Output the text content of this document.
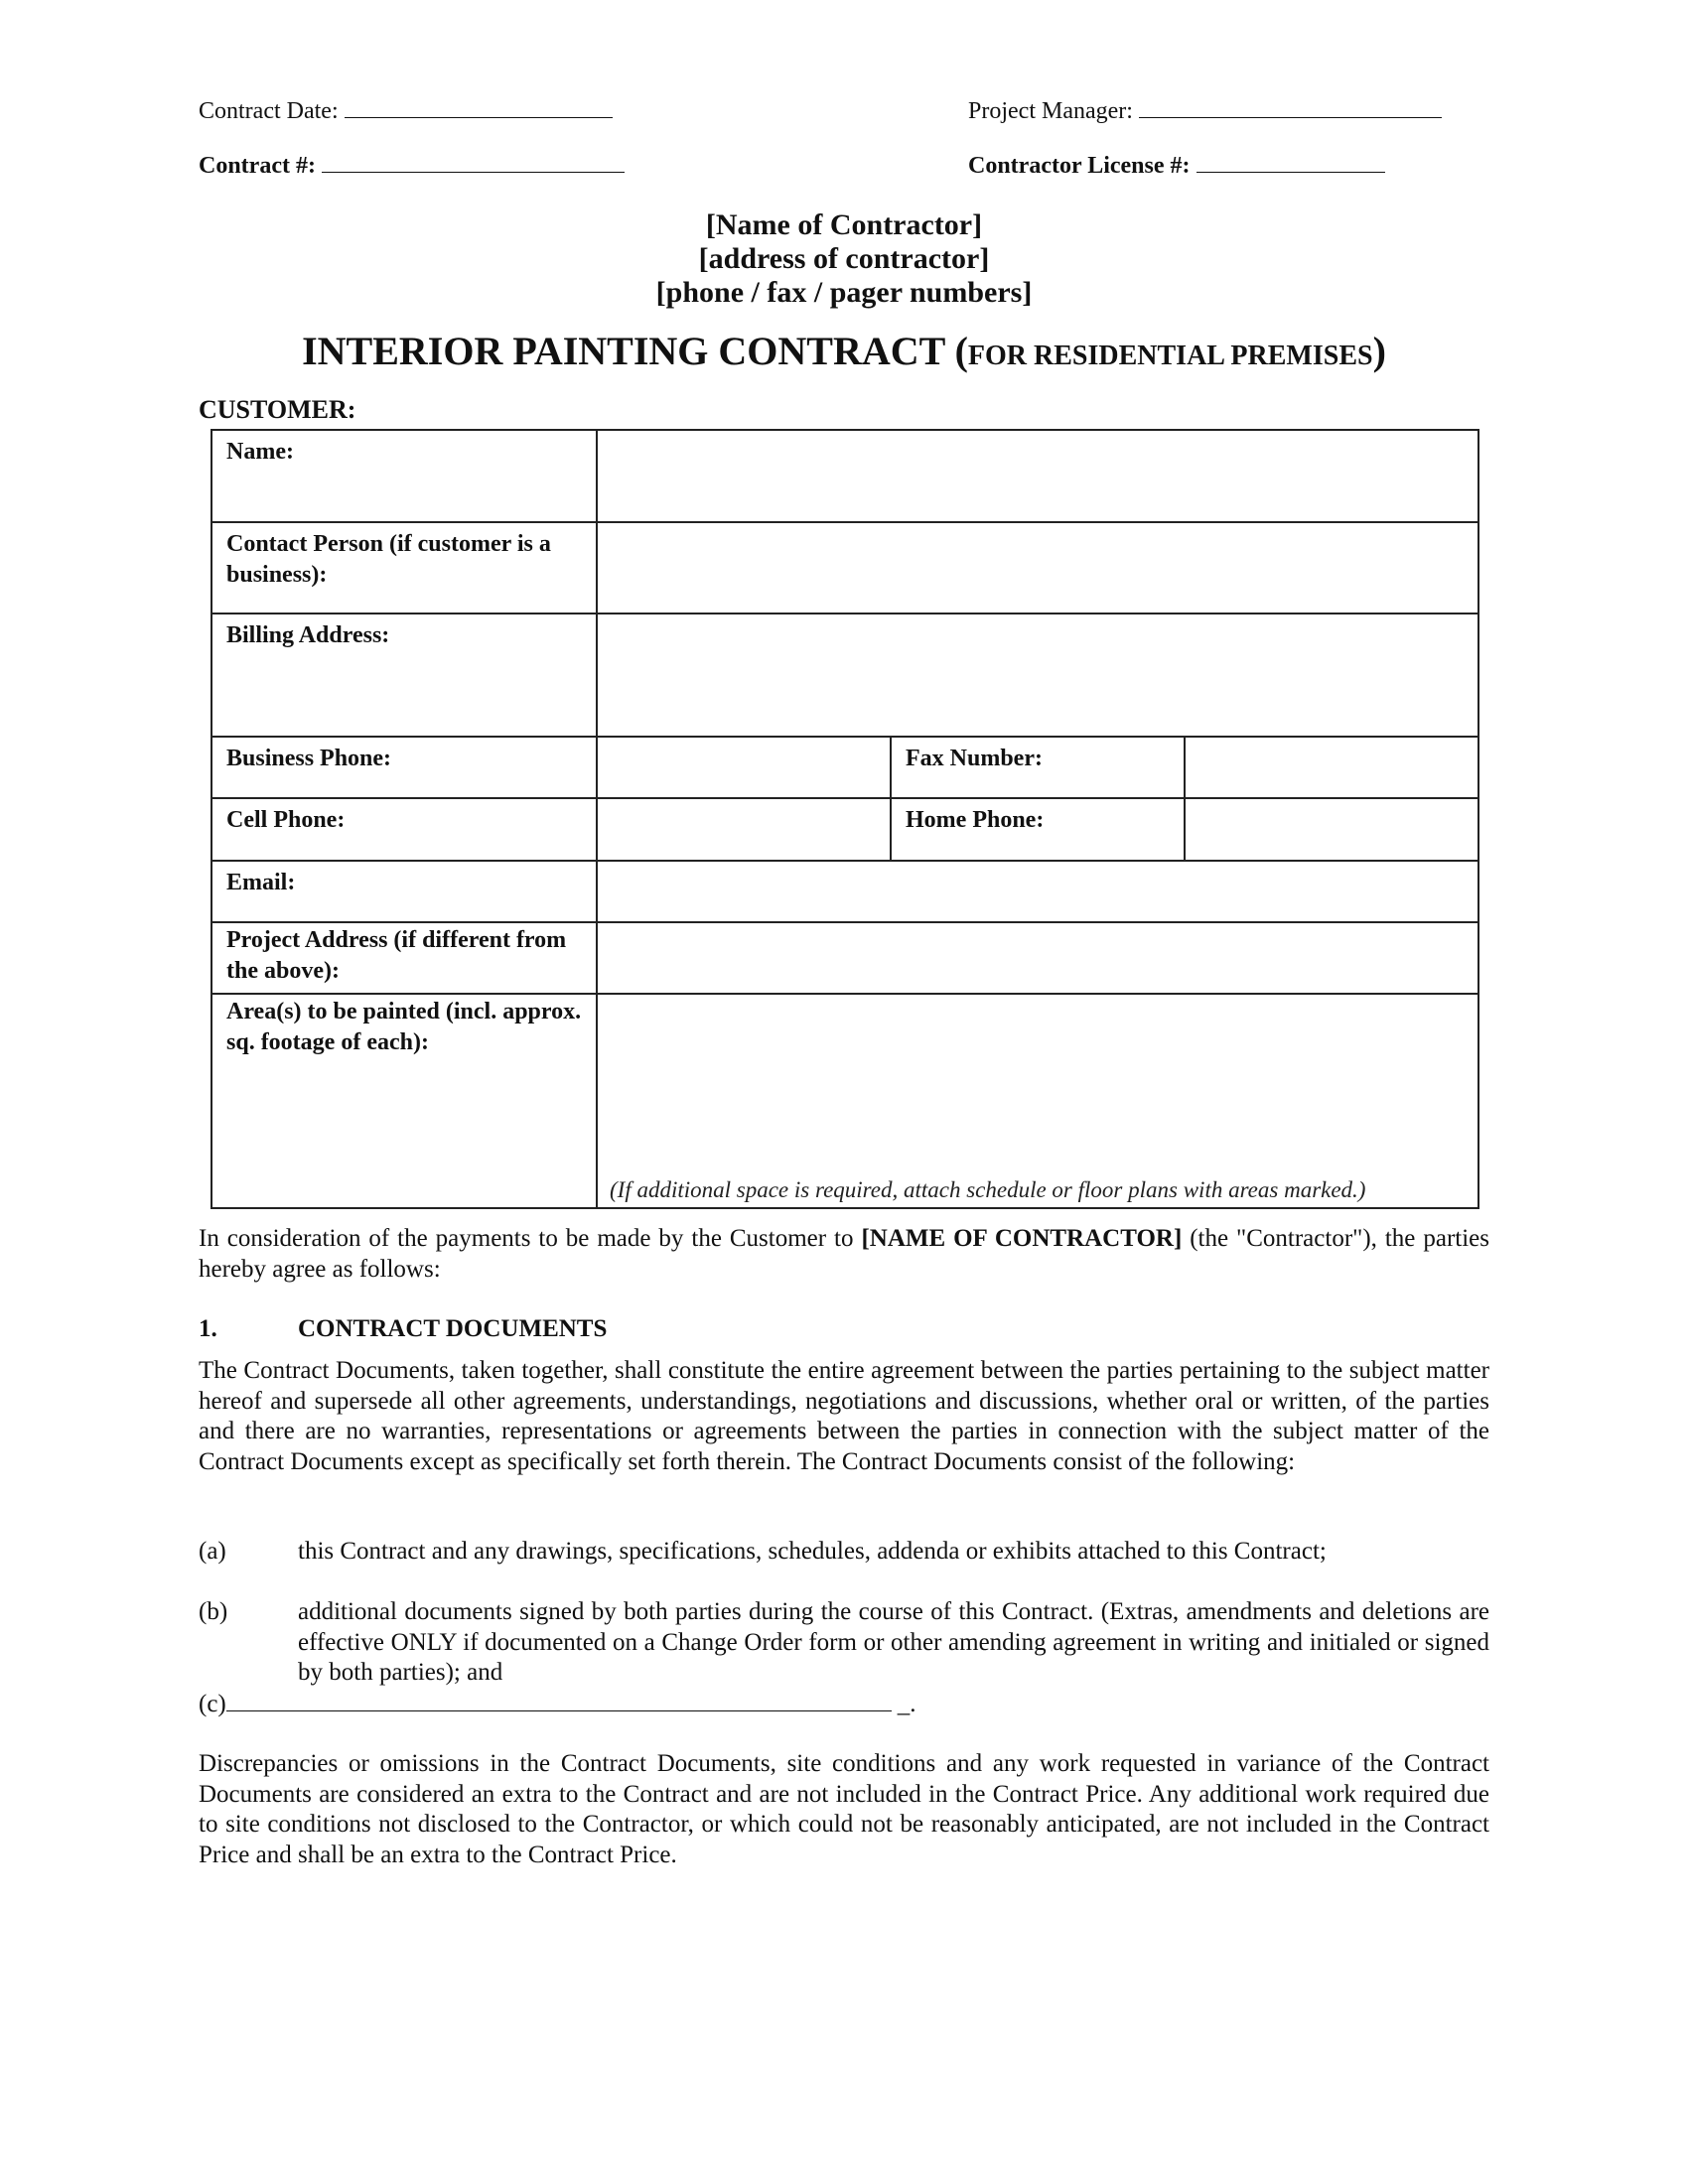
Contract Date:	Project Manager:
Contract #:	Contractor License #:
[Name of Contractor]
[address of contractor]
[phone / fax / pager numbers]
INTERIOR PAINTING CONTRACT (FOR RESIDENTIAL PREMISES)
CUSTOMER:
Name:			
Contact Person (if customer is a business):			
Billing Address:			
Business Phone:		Fax Number:	
Cell Phone:		Home Phone:	
Email:			
Project Address (if different from the above):			
Area(s) to be painted (incl. approx. sq. footage of each):	(If additional space is required, attach schedule or floor plans with areas marked.)		
In consideration of the payments to be made by the Customer to [NAME OF CONTRACTOR] (the "Contractor"), the parties hereby agree as follows:
1.	CONTRACT DOCUMENTS
The Contract Documents, taken together, shall constitute the entire agreement between the parties pertaining to the subject matter hereof and supersede all other agreements, understandings, negotiations and discussions, whether oral or written, of the parties and there are no warranties, representations or agreements between the parties in connection with the subject matter of the Contract Documents except as specifically set forth therein. The Contract Documents consist of the following:
(a)	this Contract and any drawings, specifications, schedules, addenda or exhibits attached to this Contract;
(b)	additional documents signed by both parties during the course of this Contract. (Extras, amendments and deletions are effective ONLY if documented on a Change Order form or other amending agreement in writing and initialed or signed by both parties); and
(c)	_.
Discrepancies or omissions in the Contract Documents, site conditions and any work requested in variance of the Contract Documents are considered an extra to the Contract and are not included in the Contract Price. Any additional work required due to site conditions not disclosed to the Contractor, or which could not be reasonably anticipated, are not included in the Contract Price and shall be an extra to the Contract Price.
